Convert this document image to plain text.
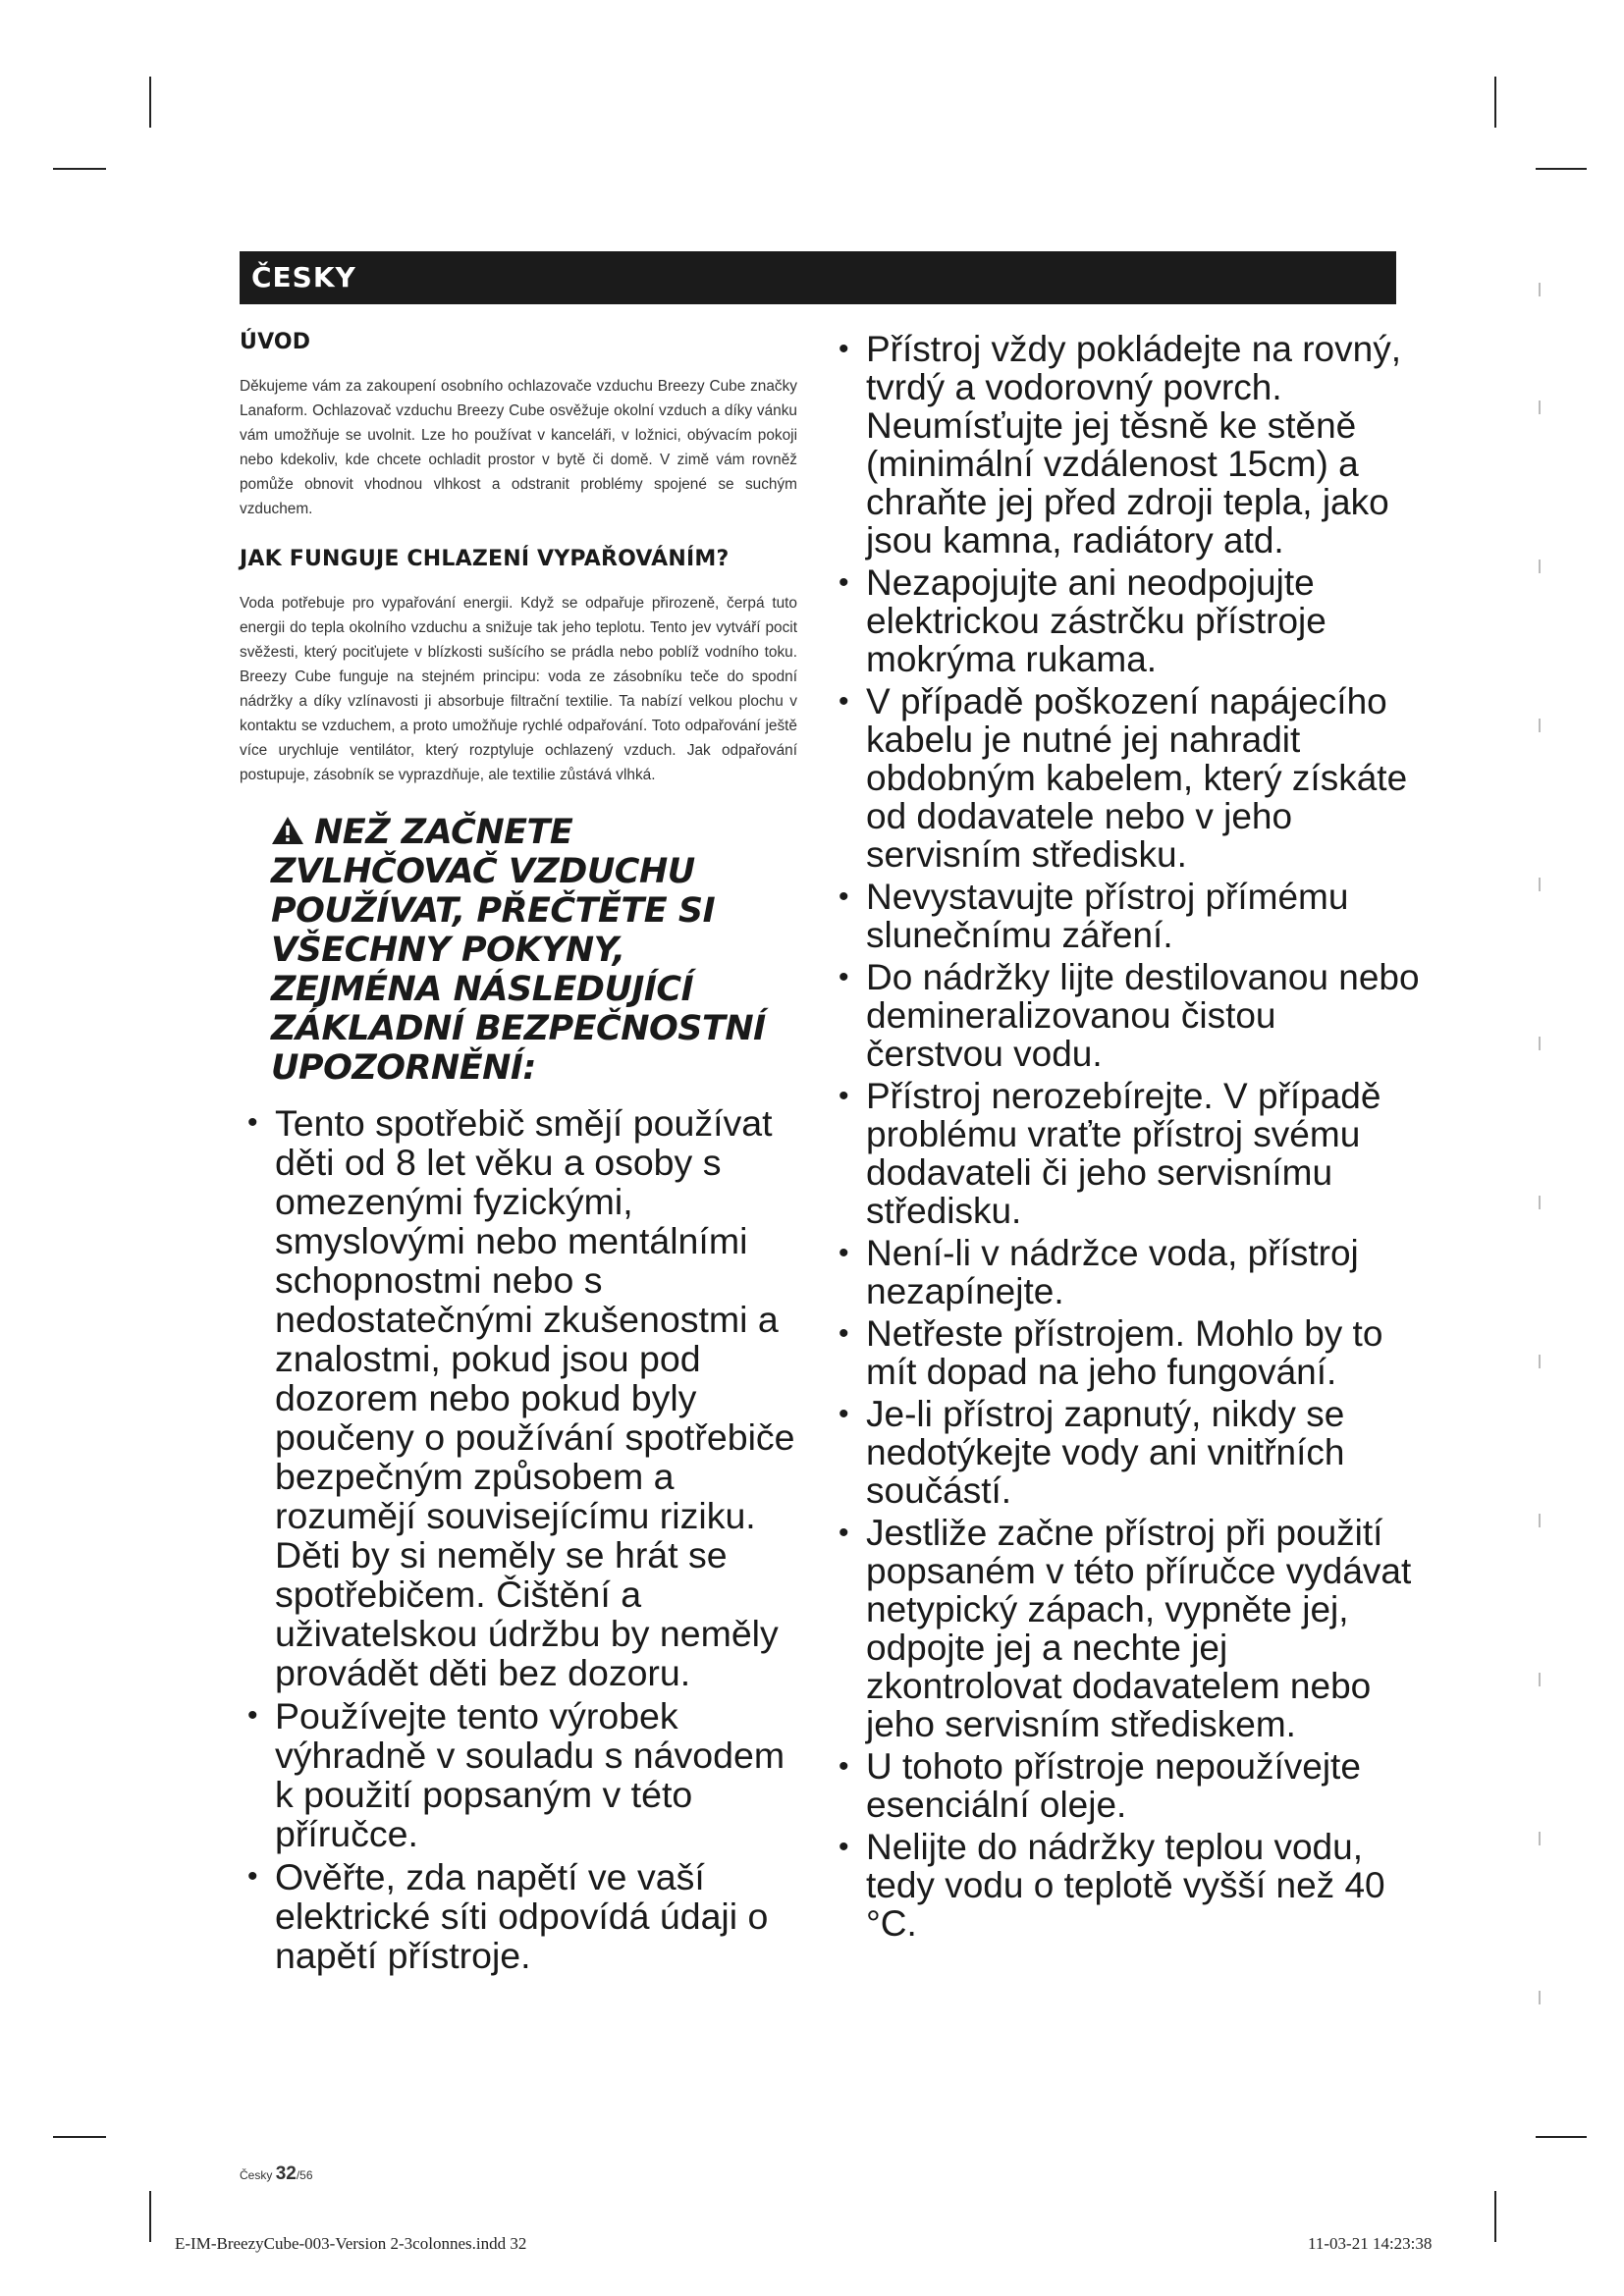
ČESKY
ÚVOD

Děkujeme vám za zakoupení osobního ochlazovače vzduchu Breezy Cube značky Lanaform. Ochlazovač vzduchu Breezy Cube osvěžuje okolní vzduch a díky vánku vám umožňuje se uvolnit. Lze ho používat v kanceláři, v ložnici, obývacím pokoji nebo kdekoliv, kde chcete ochladit prostor v bytě či domě. V zimě vám rovněž pomůže obnovit vhodnou vlhkost a odstranit problémy spojené se suchým vzduchem.

JAK FUNGUJE CHLAZENÍ VYPAŘOVÁNÍM?

Voda potřebuje pro vypařování energii. Když se odpařuje přirozeně, čerpá tuto energii do tepla okolního vzduchu a snižuje tak jeho teplotu. Tento jev vytváří pocit svěžesti, který pociťujete v blízkosti sušícího se prádla nebo poblíž vodního toku. Breezy Cube funguje na stejném principu: voda ze zásobníku teče do spodní nádržky a díky vzlínavosti ji absorbuje filtrační textilie. Ta nabízí velkou plochu v kontaktu se vzduchem, a proto umožňuje rychlé odpařování. Toto odpařování ještě více urychluje ventilátor, který rozptyluje ochlazený vzduch. Jak odpařování postupuje, zásobník se vyprazdňuje, ale textilie zůstává vlhká.

NEŽ ZAČNETE ZVLHČOVAČ VZDUCHU POUŽÍVAT, PŘEČTĚTE SI VŠECHNY POKYNY, ZEJMÉNA NÁSLEDUJÍCÍ ZÁKLADNÍ BEZPEČNOSTNÍ UPOZORNĚNÍ:
• Tento spotřebič smějí používat děti od 8 let věku a osoby s omezenými fyzickými, smyslovými nebo mentálními schopnostmi nebo s nedostatečnými zkušenostmi a znalostmi, pokud jsou pod dozorem nebo pokud byly poučeny o používání spotřebiče bezpečným způsobem a rozumějí souvisejícímu riziku. Děti by si neměly se hrát se spotřebičem. Čištění a uživatelskou údržbu by neměly provádět děti bez dozoru.
• Používejte tento výrobek výhradně v souladu s návodem k použití popsaným v této příručce.
• Ověřte, zda napětí ve vaší elektrické síti odpovídá údaji o napětí přístroje.
• Přístroj vždy pokládejte na rovný, tvrdý a vodorovný povrch. Neumísťujte jej těsně ke stěně (minimální vzdálenost 15cm) a chraňte jej před zdroji tepla, jako jsou kamna, radiátory atd.
• Nezapojujte ani neodpojujte elektrickou zástrčku přístroje mokrýma rukama.
• V případě poškození napájecího kabelu je nutné jej nahradit obdobným kabelem, který získáte od dodavatele nebo v jeho servisním středisku.
• Nevystavujte přístroj přímému slunečnímu záření.
• Do nádržky lijte destilovanou nebo demineralizovanou čistou čerstvou vodu.
• Přístroj nerozebírejte. V případě problému vraťte přístroj svému dodavateli či jeho servisnímu středisku.
• Není-li v nádržce voda, přístroj nezapínejte.
• Netřeste přístrojem. Mohlo by to mít dopad na jeho fungování.
• Je-li přístroj zapnutý, nikdy se nedotýkejte vody ani vnitřních součástí.
• Jestliže začne přístroj při použití popsaném v této příručce vydávat netypický zápach, vypněte jej, odpojte jej a nechte jej zkontrolovat dodavatelem nebo jeho servisním střediskem.
• U tohoto přístroje nepoužívejte esenciální oleje.
• Nelijte do nádržky teplou vodu, tedy vodu o teplotě vyšší než 40 °C.
Česky 32/56
E-IM-BreezyCube-003-Version 2-3colonnes.indd 32	11-03-21 14:23:38
